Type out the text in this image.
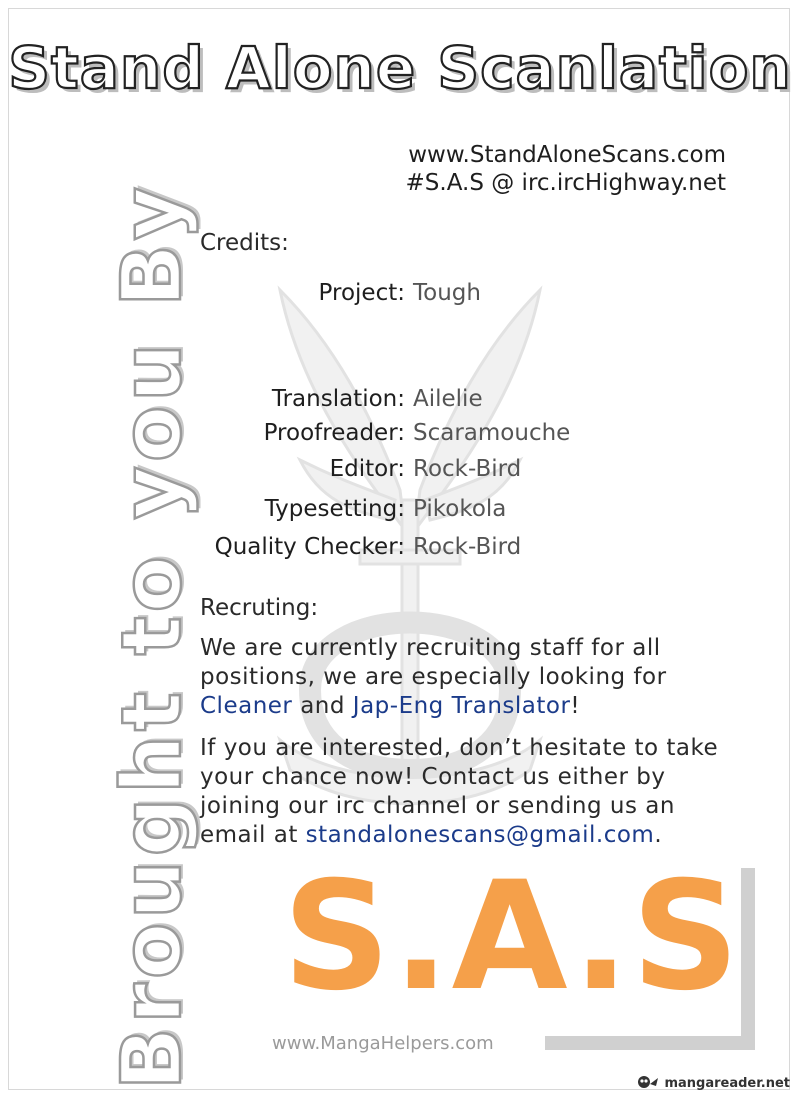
Stand Alone Scanlation
Brought to you By
www.StandAloneScans.com
#S.A.S @ irc.ircHighway.net
Credits:
Project: Tough
Translation: Ailelie
Proofreader: Scaramouche
Editor: Rock-Bird
Typesetting: Pikokola
Quality Checker: Rock-Bird
Recruting:
We are currently recruiting staff for all positions, we are especially looking for Cleaner and Jap-Eng Translator!
If you are interested, don’t hesitate to take your chance now! Contact us either by joining our irc channel or sending us an email at standalonescans@gmail.com.
S.A.S
www.MangaHelpers.com
mangareader.net
